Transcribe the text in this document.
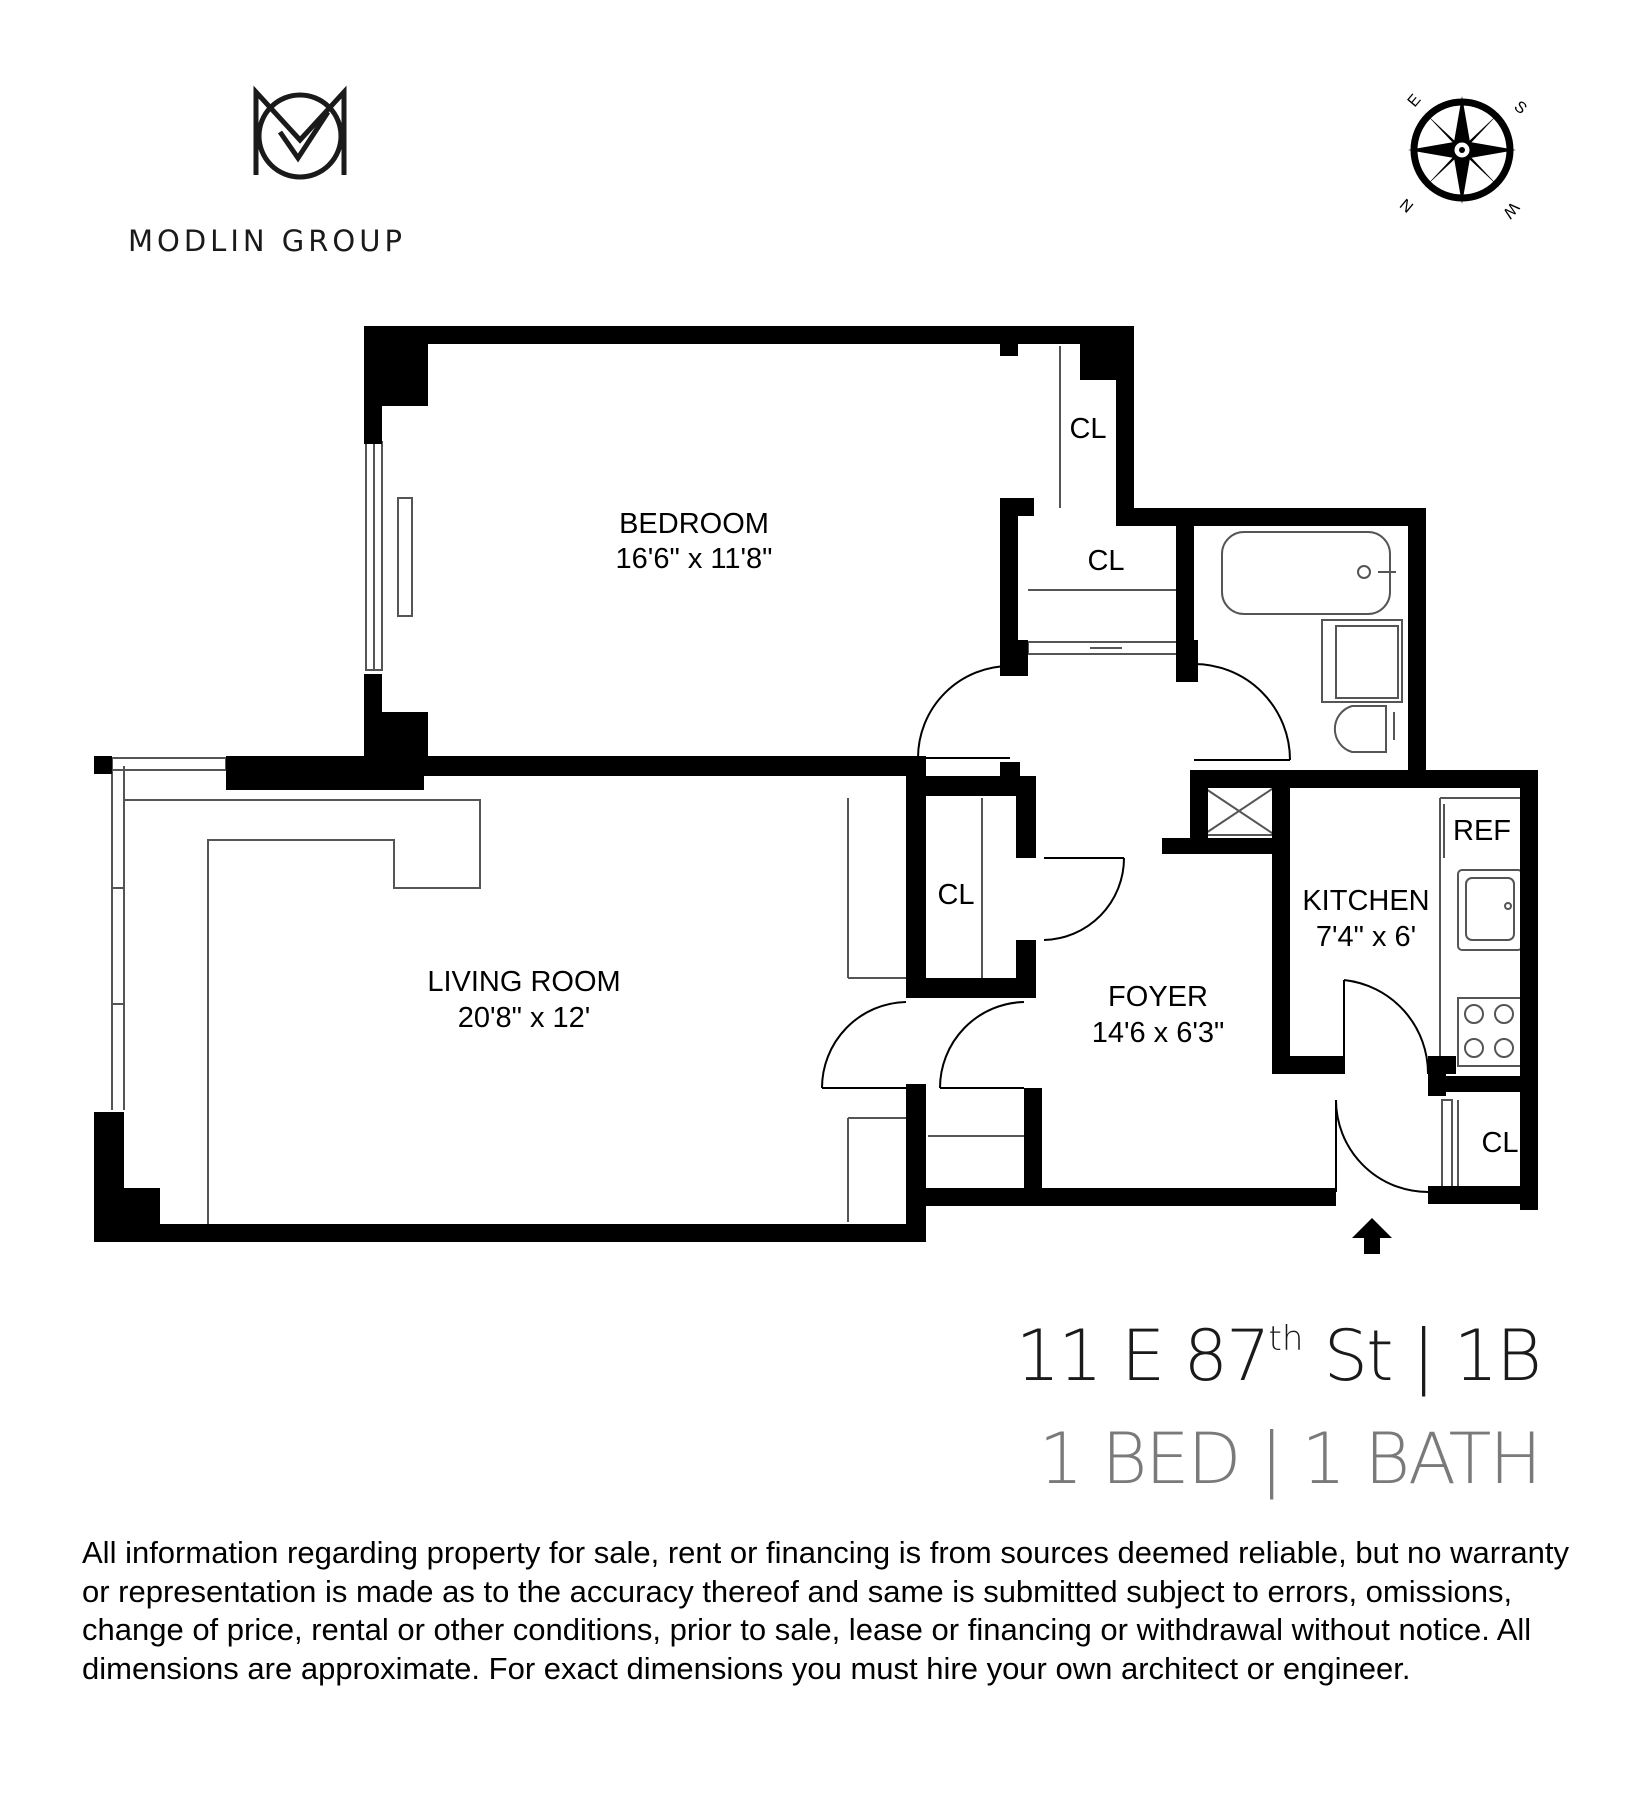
E	S
N	W
BEDROOM
16'6" x 11'8"
LIVING ROOM
20'8" x 12'
FOYER
14'6 x 6'3"
KITCHEN
7'4" x 6'
CL
CL
CL
CL
REF
MODLIN GROUP
11 E 87th St | 1B
1 BED | 1 BATH
All information regarding property for sale, rent or financing is from sources deemed reliable, but no warranty or representation is made as to the accuracy thereof and same is submitted subject to errors, omissions, change of price, rental or other conditions, prior to sale, lease or financing or withdrawal without notice. All dimensions are approximate. For exact dimensions you must hire your own architect or engineer.
